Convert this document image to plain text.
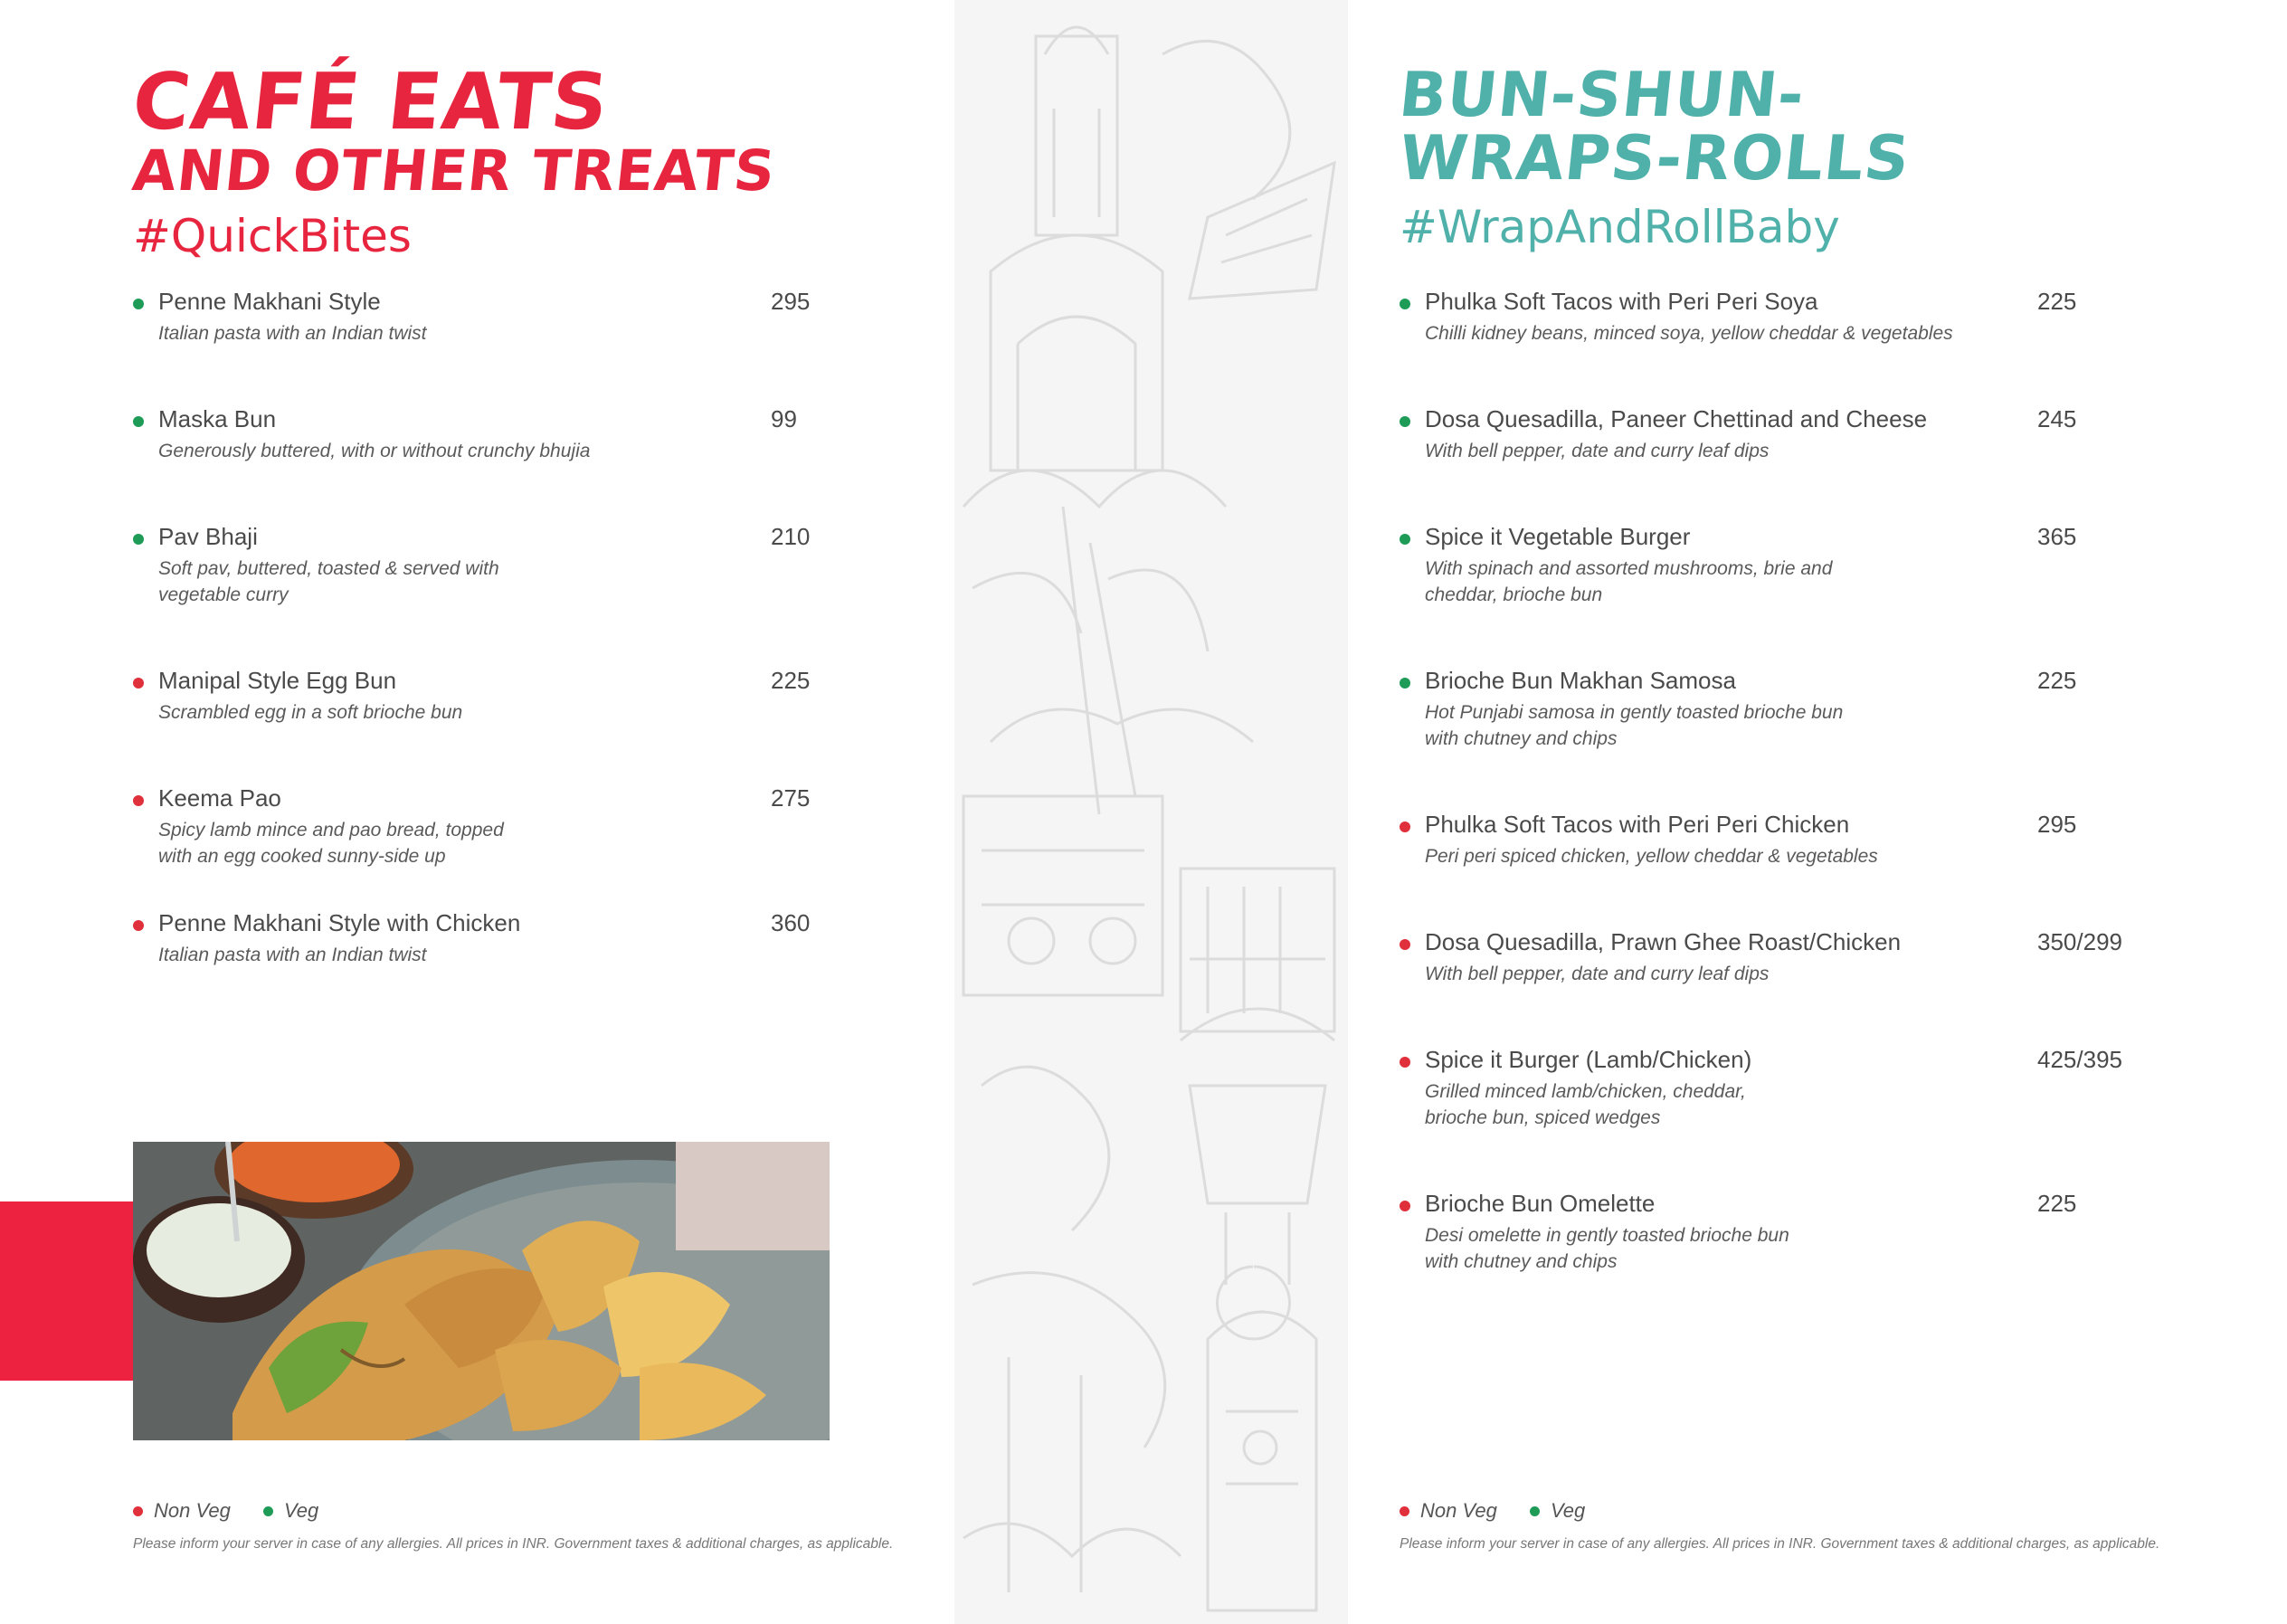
CAFÉ EATS
AND OTHER TREATS
#QuickBites
Penne Makhani Style	295
Italian pasta with an Indian twist
Maska Bun	99
Generously buttered, with or without crunchy bhujia
Pav Bhaji	210
Soft pav, buttered, toasted & served with
vegetable curry
Manipal Style Egg Bun	225
Scrambled egg in a soft brioche bun
Keema Pao	275
Spicy lamb mince and pao bread, topped
with an egg cooked sunny-side up
Penne Makhani Style with Chicken	360
Italian pasta with an Indian twist
Non Veg	Veg
Please inform your server in case of any allergies. All prices in INR. Government taxes & additional charges, as applicable.
BUN-SHUN-
WRAPS-ROLLS
#WrapAndRollBaby
Phulka Soft Tacos with Peri Peri Soya	225
Chilli kidney beans, minced soya, yellow cheddar & vegetables
Dosa Quesadilla, Paneer Chettinad and Cheese	245
With bell pepper, date and curry leaf dips
Spice it Vegetable Burger	365
With spinach and assorted mushrooms, brie and
cheddar, brioche bun
Brioche Bun Makhan Samosa	225
Hot Punjabi samosa in gently toasted brioche bun
with chutney and chips
Phulka Soft Tacos with Peri Peri Chicken	295
Peri peri spiced chicken, yellow cheddar & vegetables
Dosa Quesadilla, Prawn Ghee Roast/Chicken	350/299
With bell pepper, date and curry leaf dips
Spice it Burger (Lamb/Chicken)	425/395
Grilled minced lamb/chicken, cheddar,
brioche bun, spiced wedges
Brioche Bun Omelette	225
Desi omelette in gently toasted brioche bun
with chutney and chips
Non Veg	Veg
Please inform your server in case of any allergies. All prices in INR. Government taxes & additional charges, as applicable.
